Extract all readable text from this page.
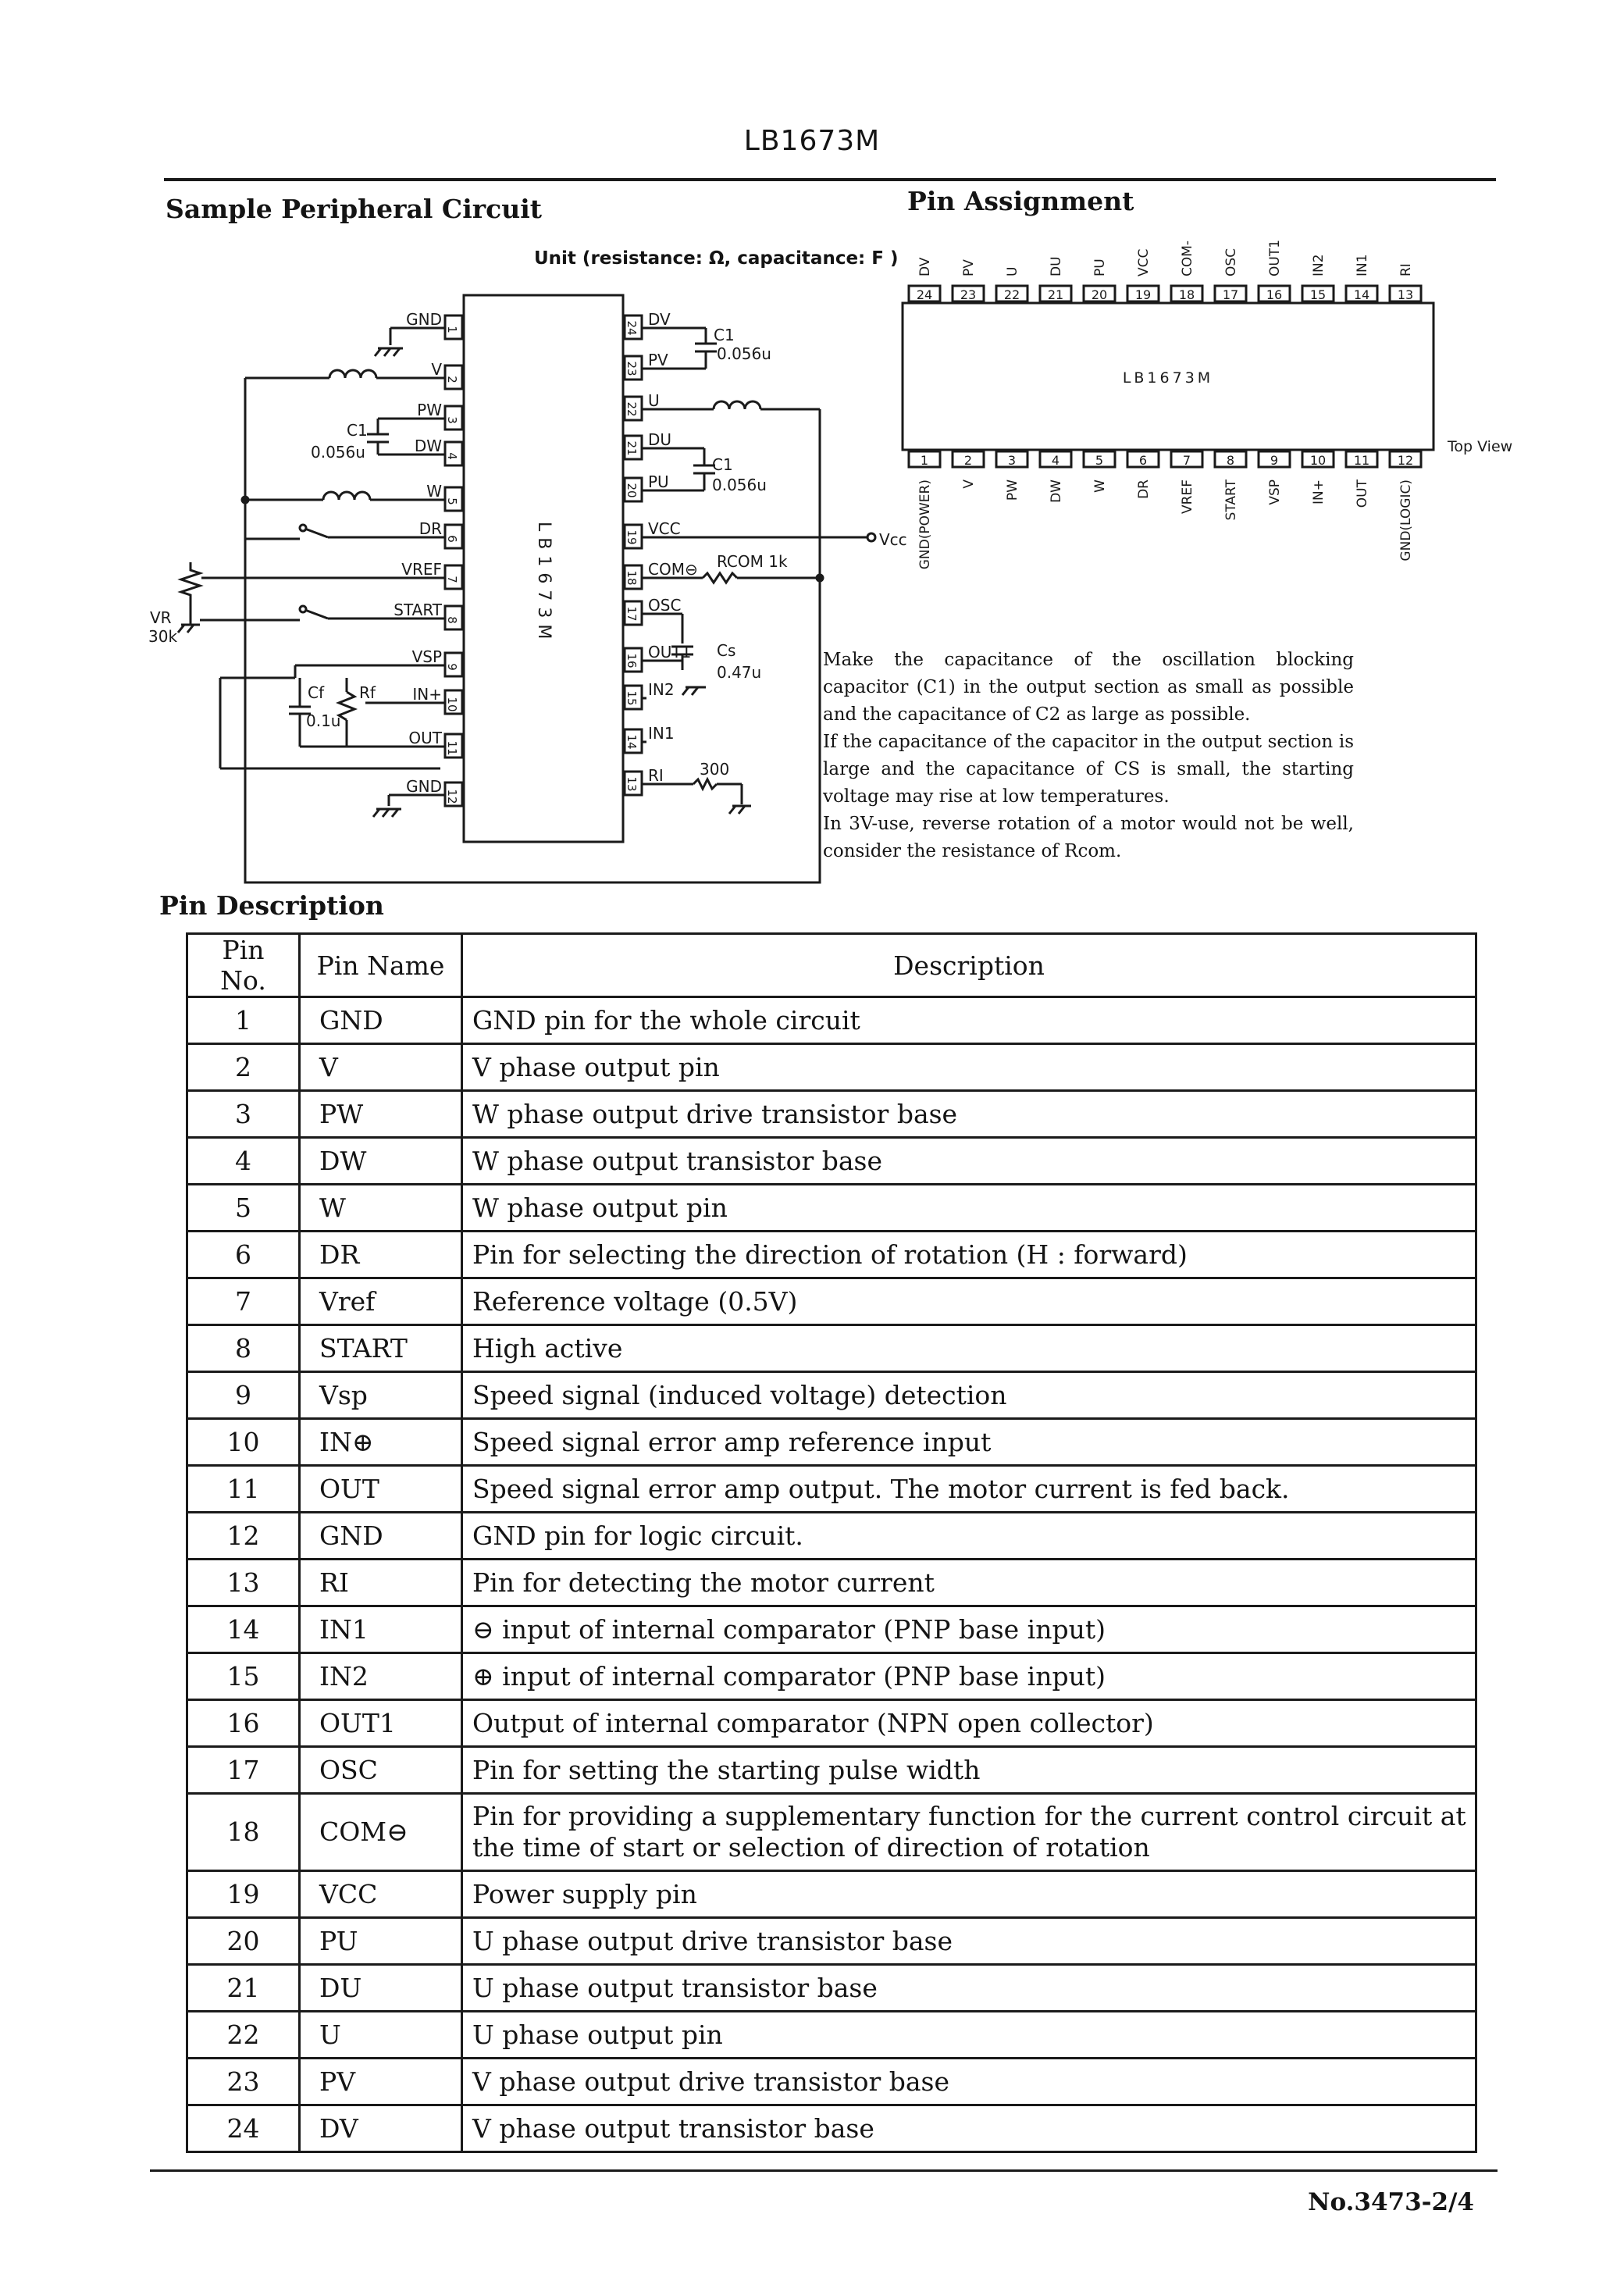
LB1673M
Sample Peripheral Circuit	Pin Assignment
Unit (resistance: Ω, capacitance: F )
1
2
3
4
5
6
7
8
9
10
11
12
24
23
22
21
20
19
18
17
16
15
14
13
GND
V
PW
DW
W
DR
VREF
START
VSP
IN+
OUT
GND
DV
PV
U
DU
PU
VCC
COM⊖
OSC
OUT1
IN2
IN1
RI
LB1673M
C1
0.056u
C1
0.056u
C1
0.056u
RCOM 1k
Cs
0.47u
300
Vcc
VR
30k
Cf
0.1u
Rf
24
DV
23
PV
22
U
21
DU
20
PU
19
VCC
18
COM-
17
OSC
16
OUT1
15
IN2
14
IN1
13
RI
1
GND(POWER)
2
V
3
PW
4
DW
5
W
6
DR
7
VREF
8
START
9
VSP
10
IN+
11
OUT
12
GND(LOGIC)
LB1673M
Top View

Make the capacitance of the oscillation blocking capacitor (C1) in the output section as small as possible and the capacitance of C2 as large as possible.

If the capacitance of the capacitor in the output section is large and the capacitance of CS is small, the starting voltage may rise at low temperatures.

In 3V-use, reverse rotation of a motor would not be well, consider the resistance of Rcom.

Pin Description
Pin No.	Pin Name	Description
1	GND	GND pin for the whole circuit
2	V	V phase output pin
3	PW	W phase output drive transistor base
4	DW	W phase output transistor base
5	W	W phase output pin
6	DR	Pin for selecting the direction of rotation (H : forward)
7	Vref	Reference voltage (0.5V)
8	START	High active
9	Vsp	Speed signal (induced voltage) detection
10	IN⊕	Speed signal error amp reference input
11	OUT	Speed signal error amp output. The motor current is fed back.
12	GND	GND pin for logic circuit.
13	RI	Pin for detecting the motor current
14	IN1	⊖ input of internal comparator (PNP base input)
15	IN2	⊕ input of internal comparator (PNP base input)
16	OUT1	Output of internal comparator (NPN open collector)
17	OSC	Pin for setting the starting pulse width
18	COM⊖	Pin for providing a supplementary function for the current control circuit at the time of start or selection of direction of rotation
19	VCC	Power supply pin
20	PU	U phase output drive transistor base
21	DU	U phase output transistor base
22	U	U phase output pin
23	PV	V phase output drive transistor base
24	DV	V phase output transistor base
No.3473-2/4
